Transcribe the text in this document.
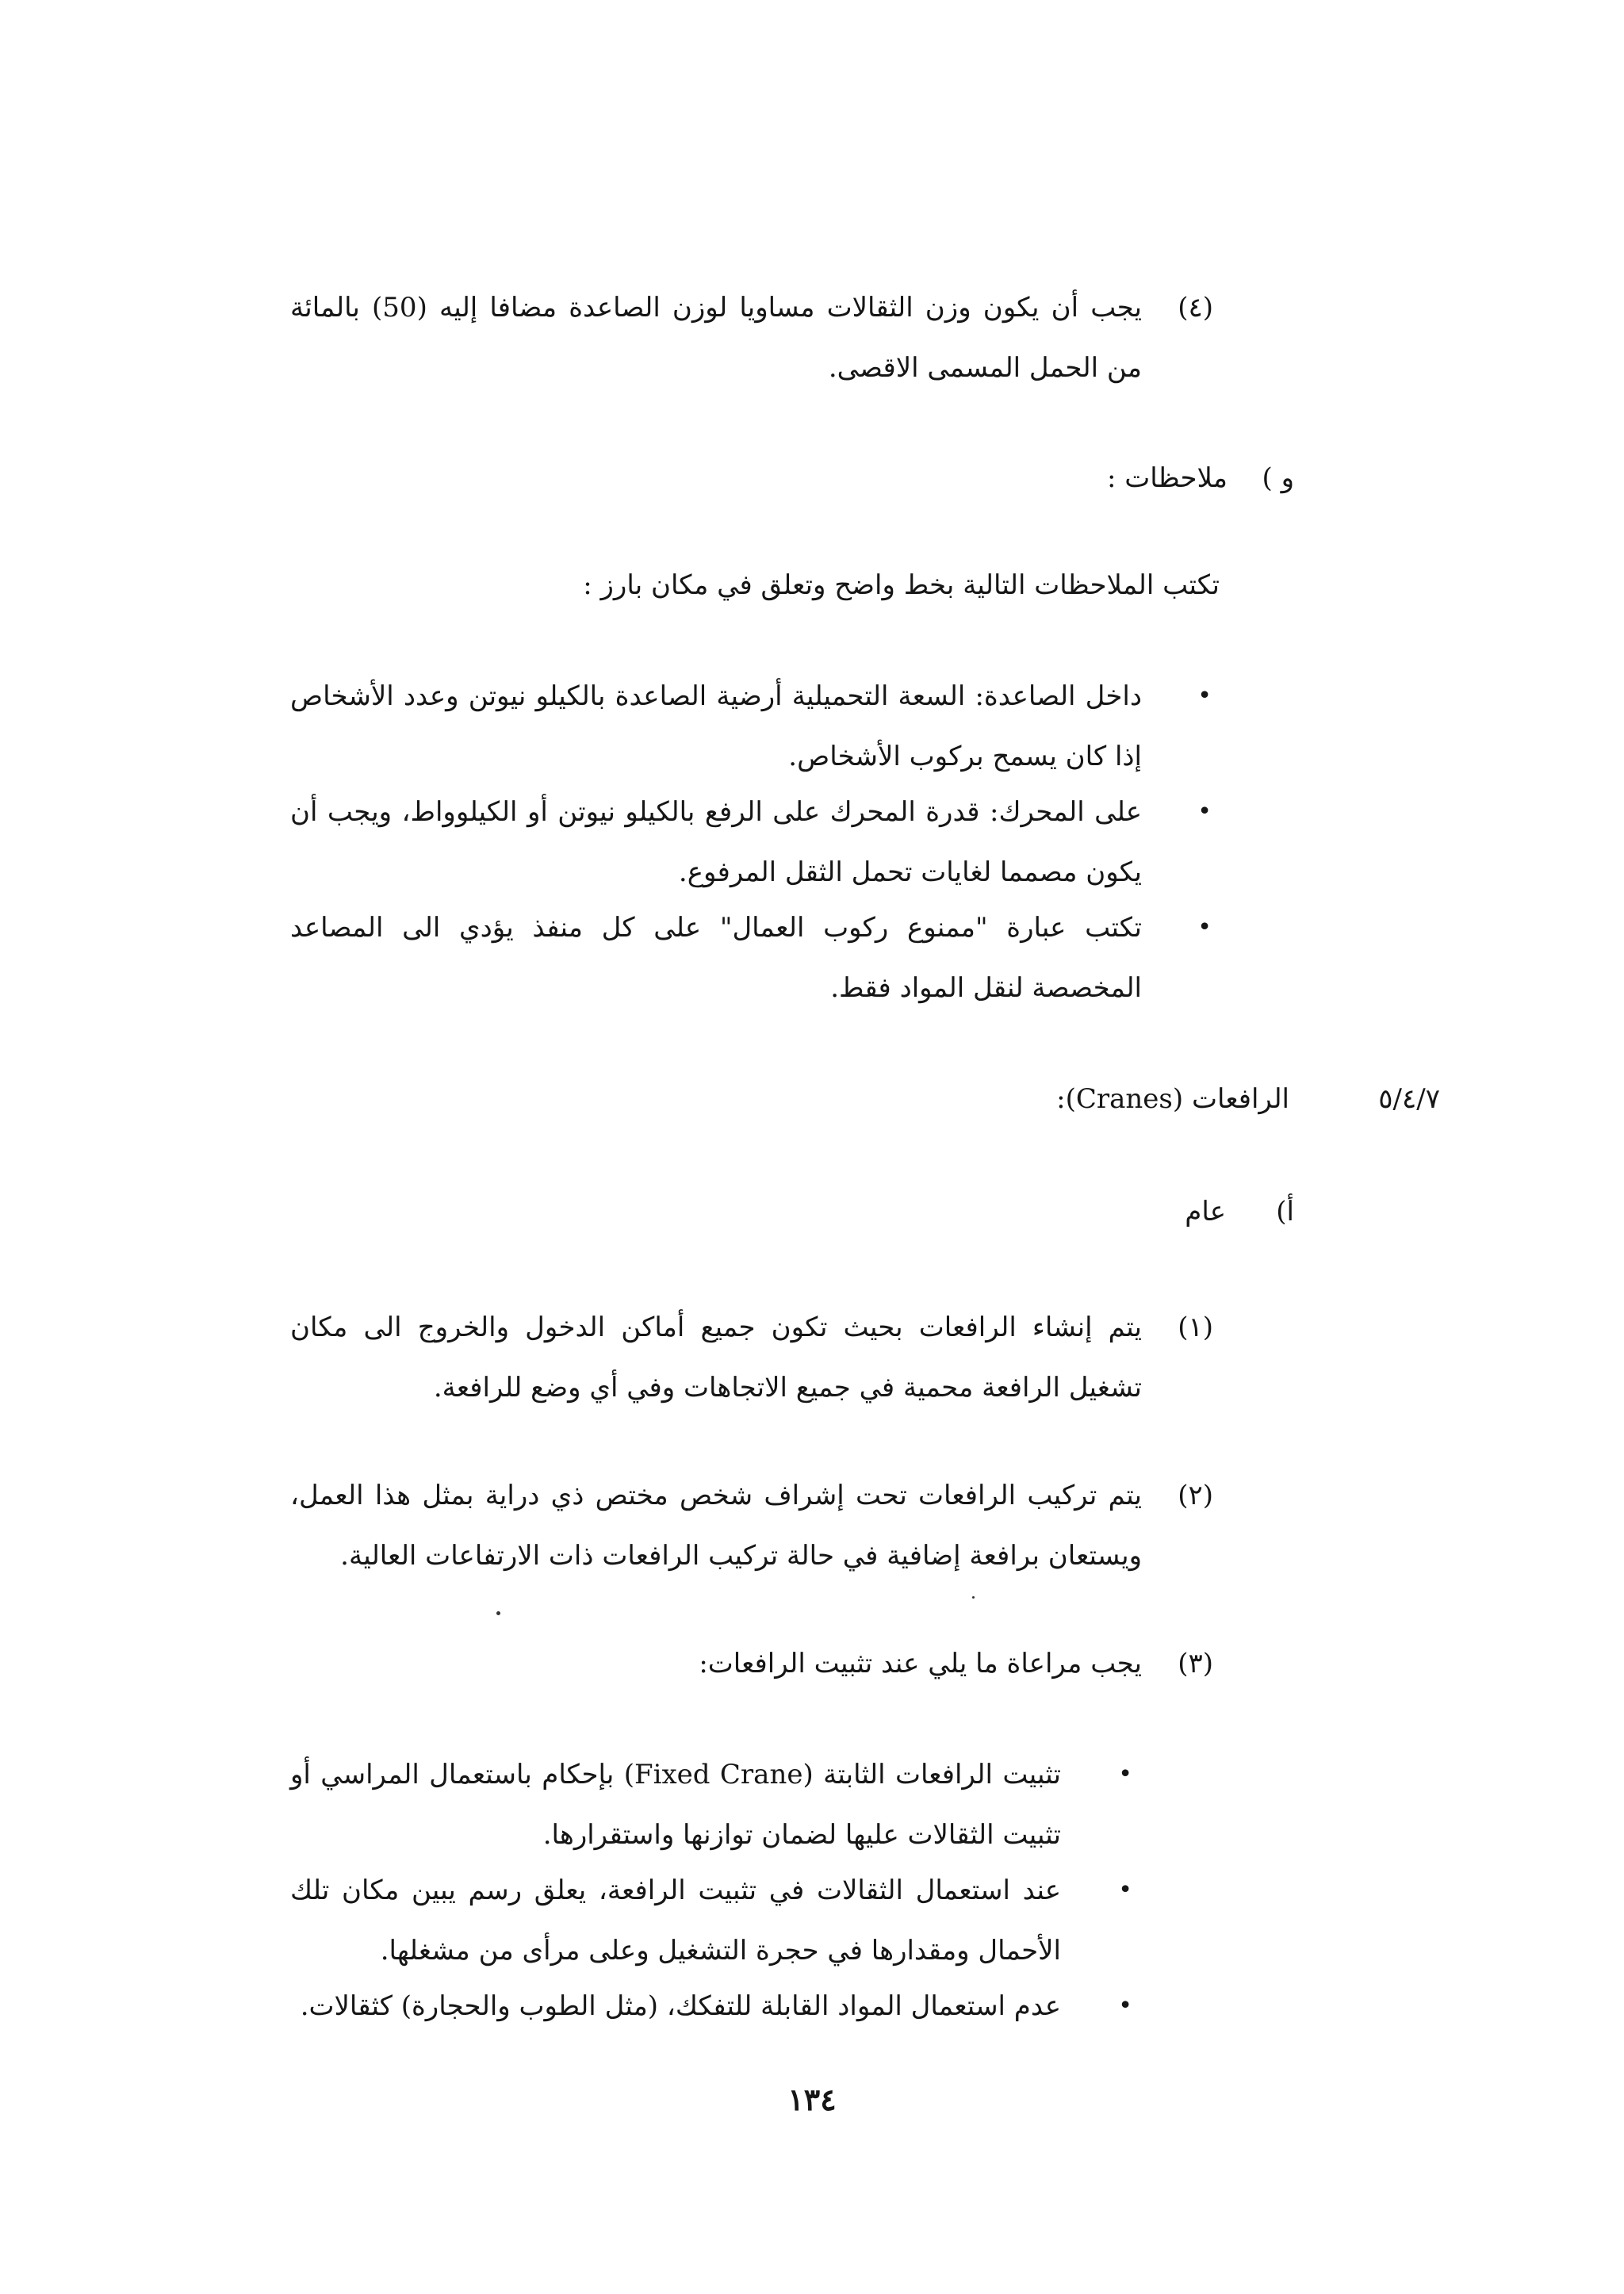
(٤)

يجب أن يكون وزن الثقالات مساويا لوزن الصاعدة مضافا إليه (50) بالمائة من الحمل المسمى الاقصى.

و )
ملاحظات :

تكتب الملاحظات التالية بخط واضح وتعلق في مكان بارز :

•

داخل الصاعدة: السعة التحميلية أرضية الصاعدة بالكيلو نيوتن وعدد الأشخاص إذا كان يسمح بركوب الأشخاص.

•

على المحرك: قدرة المحرك على الرفع بالكيلو نيوتن أو الكيلوواط، ويجب أن يكون مصمما لغايات تحمل الثقل المرفوع.

•

تكتب عبارة "ممنوع ركوب العمال" على كل منفذ يؤدي الى المصاعد المخصصة لنقل المواد فقط.

٥/٤/٧
الرافعات (Cranes):
أ)
عام
(١)

يتم إنشاء الرافعات بحيث تكون جميع أماكن الدخول والخروج الى مكان تشغيل الرافعة محمية في جميع الاتجاهات وفي أي وضع للرافعة.

(٢)

يتم تركيب الرافعات تحت إشراف شخص مختص ذي دراية بمثل هذا العمل، ويستعان برافعة إضافية في حالة تركيب الرافعات ذات الارتفاعات العالية.

(٣)

يجب مراعاة ما يلي عند تثبيت الرافعات:

•

تثبيت الرافعات الثابتة (Fixed Crane) بإحكام باستعمال المراسي أو تثبيت الثقالات عليها لضمان توازنها واستقرارها.

•

عند استعمال الثقالات في تثبيت الرافعة، يعلق رسم يبين مكان تلك الأحمال ومقدارها في حجرة التشغيل وعلى مرأى من مشغلها.

•

عدم استعمال المواد القابلة للتفكك، (مثل الطوب والحجارة) كثقالات.

١٣٤
